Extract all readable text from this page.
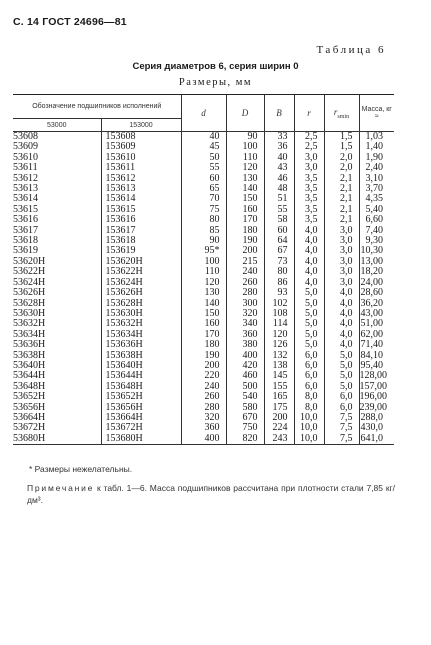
С. 14 ГОСТ 24696—81
Таблица 6
Серия диаметров 6, серия ширин 0
Размеры, мм
Обозначение подшипников исполнений		d	D	B	r	$r_{smin}$	Масса, кг ≈
53000	153000						
53608	153608	40	90	33	2,5	1,5	1,03
53609	153609	45	100	36	2,5	1,5	1,40
53610	153610	50	110	40	3,0	2,0	1,90
53611	153611	55	120	43	3,0	2,0	2,40
53612	153612	60	130	46	3,5	2,1	3,10
53613	153613	65	140	48	3,5	2,1	3,70
53614	153614	70	150	51	3,5	2,1	4,35
53615	153615	75	160	55	3,5	2,1	5,40
53616	153616	80	170	58	3,5	2,1	6,60
53617	153617	85	180	60	4,0	3,0	7,40
53618	153618	90	190	64	4,0	3,0	9,30
53619	153619	95*	200	67	4,0	3,0	10,30
53620Н	153620Н	100	215	73	4,0	3,0	13,00
53622Н	153622Н	110	240	80	4,0	3,0	18,20
53624Н	153624Н	120	260	86	4,0	3,0	24,00
53626Н	153626Н	130	280	93	5,0	4,0	28,60
53628Н	153628Н	140	300	102	5,0	4,0	36,20
53630Н	153630Н	150	320	108	5,0	4,0	43,00
53632Н	153632Н	160	340	114	5,0	4,0	51,00
53634Н	153634Н	170	360	120	5,0	4,0	62,00
53636Н	153636Н	180	380	126	5,0	4,0	71,40
53638Н	153638Н	190	400	132	6,0	5,0	84,10
53640Н	153640Н	200	420	138	6,0	5,0	95,40
53644Н	153644Н	220	460	145	6,0	5,0	128,00
53648Н	153648Н	240	500	155	6,0	5,0	157,00
53652Н	153652Н	260	540	165	8,0	6,0	196,00
53656Н	153656Н	280	580	175	8,0	6,0	239,00
53664Н	153664Н	320	670	200	10,0	7,5	288,0
53672Н	153672Н	360	750	224	10,0	7,5	430,0
53680Н	153680Н	400	820	243	10,0	7,5	641,0
* Размеры нежелательны.
Примечание к табл. 1—6. Масса подшипников рассчитана при плотности стали 7,85 кг/дм³.
